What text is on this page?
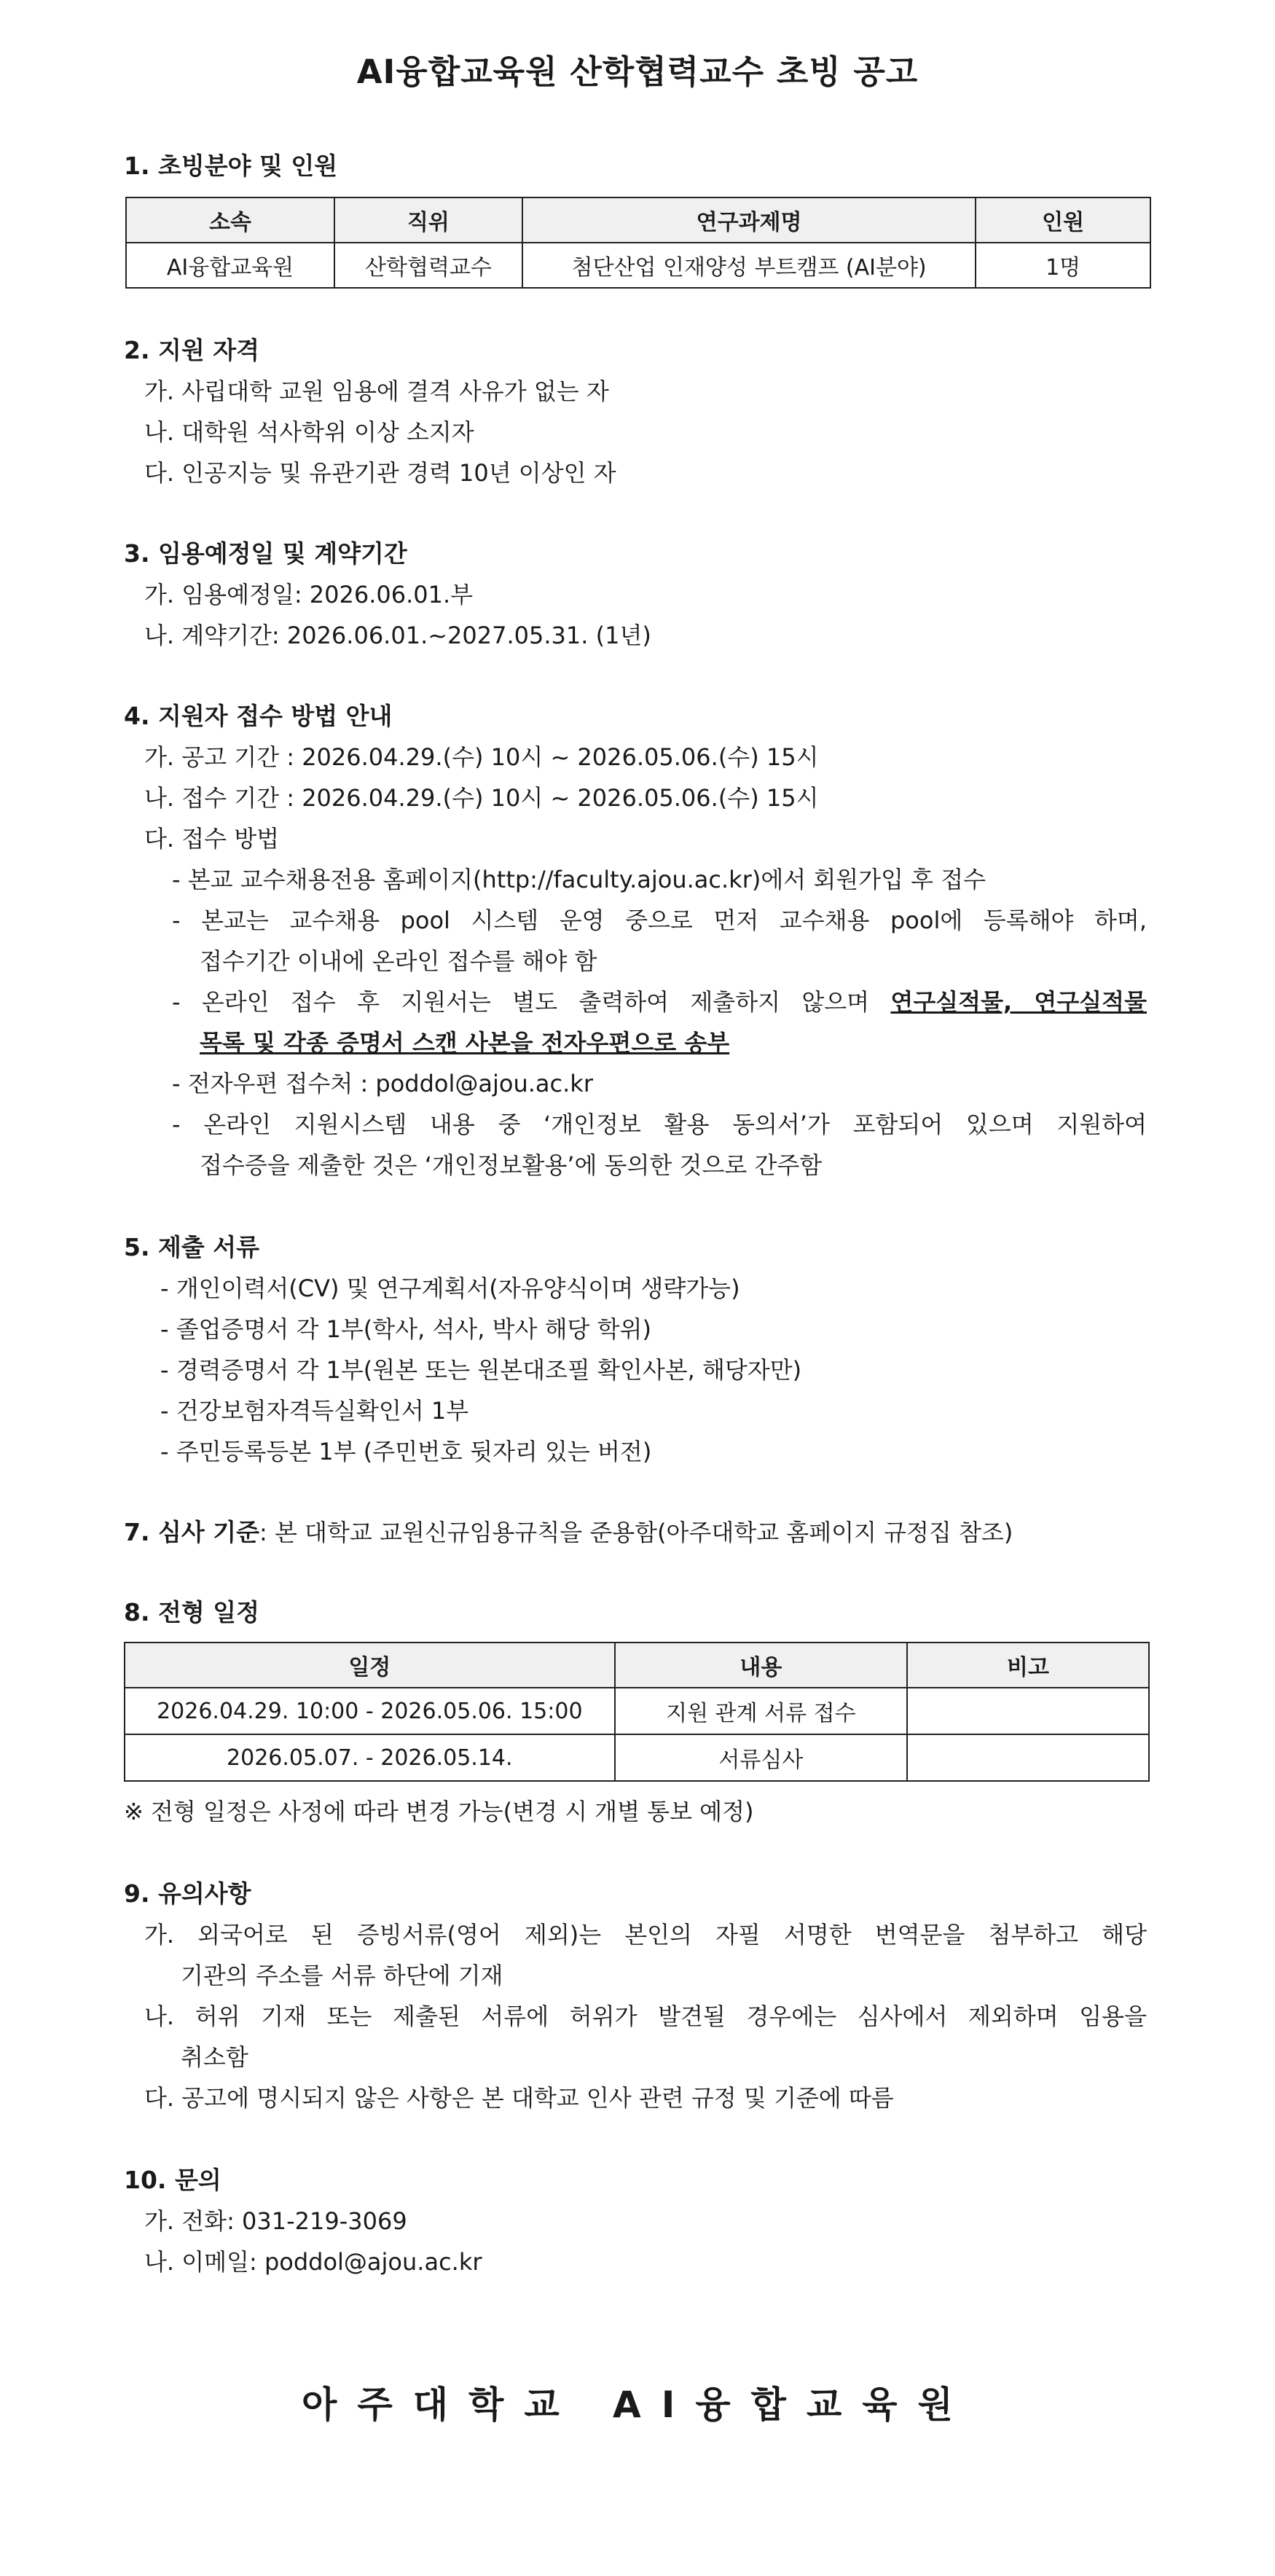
AI융합교육원 산학협력교수 초빙 공고
1. 초빙분야 및 인원
소속	직위	연구과제명	인원
AI융합교육원	산학협력교수	첨단산업 인재양성 부트캠프 (AI분야)	1명
2. 지원 자격
가. 사립대학 교원 임용에 결격 사유가 없는 자
나. 대학원 석사학위 이상 소지자
다. 인공지능 및 유관기관 경력 10년 이상인 자
3. 임용예정일 및 계약기간
가. 임용예정일: 2026.06.01.부
나. 계약기간: 2026.06.01.~2027.05.31. (1년)
4. 지원자 접수 방법 안내
가. 공고 기간 : 2026.04.29.(수) 10시 ~ 2026.05.06.(수) 15시
나. 접수 기간 : 2026.04.29.(수) 10시 ~ 2026.05.06.(수) 15시
다. 접수 방법
- 본교 교수채용전용 홈페이지(http://faculty.ajou.ac.kr)에서 회원가입 후 접수
- 본교는 교수채용 pool 시스템 운영 중으로 먼저 교수채용 pool에 등록해야 하며,
접수기간 이내에 온라인 접수를 해야 함
- 온라인 접수 후 지원서는 별도 출력하여 제출하지 않으며 연구실적물, 연구실적물
목록 및 각종 증명서 스캔 사본을 전자우편으로 송부
- 전자우편 접수처 : poddol@ajou.ac.kr
- 온라인 지원시스템 내용 중 ‘개인정보 활용 동의서’가 포함되어 있으며 지원하여
접수증을 제출한 것은 ‘개인정보활용’에 동의한 것으로 간주함
5. 제출 서류
- 개인이력서(CV) 및 연구계획서(자유양식이며 생략가능)
- 졸업증명서 각 1부(학사, 석사, 박사 해당 학위)
- 경력증명서 각 1부(원본 또는 원본대조필 확인사본, 해당자만)
- 건강보험자격득실확인서 1부
- 주민등록등본 1부 (주민번호 뒷자리 있는 버전)
7. 심사 기준: 본 대학교 교원신규임용규칙을 준용함(아주대학교 홈페이지 규정집 참조)
8. 전형 일정
일정	내용	비고
2026.04.29. 10:00 - 2026.05.06. 15:00	지원 관계 서류 접수	
2026.05.07. - 2026.05.14.	서류심사	
※ 전형 일정은 사정에 따라 변경 가능(변경 시 개별 통보 예정)
9. 유의사항
가. 외국어로 된 증빙서류(영어 제외)는 본인의 자필 서명한 번역문을 첨부하고 해당
기관의 주소를 서류 하단에 기재
나. 허위 기재 또는 제출된 서류에 허위가 발견될 경우에는 심사에서 제외하며 임용을
취소함
다. 공고에 명시되지 않은 사항은 본 대학교 인사 관련 규정 및 기준에 따름
10. 문의
가. 전화: 031-219-3069
나. 이메일: poddol@ajou.ac.kr
아주대학교 AI융합교육원
